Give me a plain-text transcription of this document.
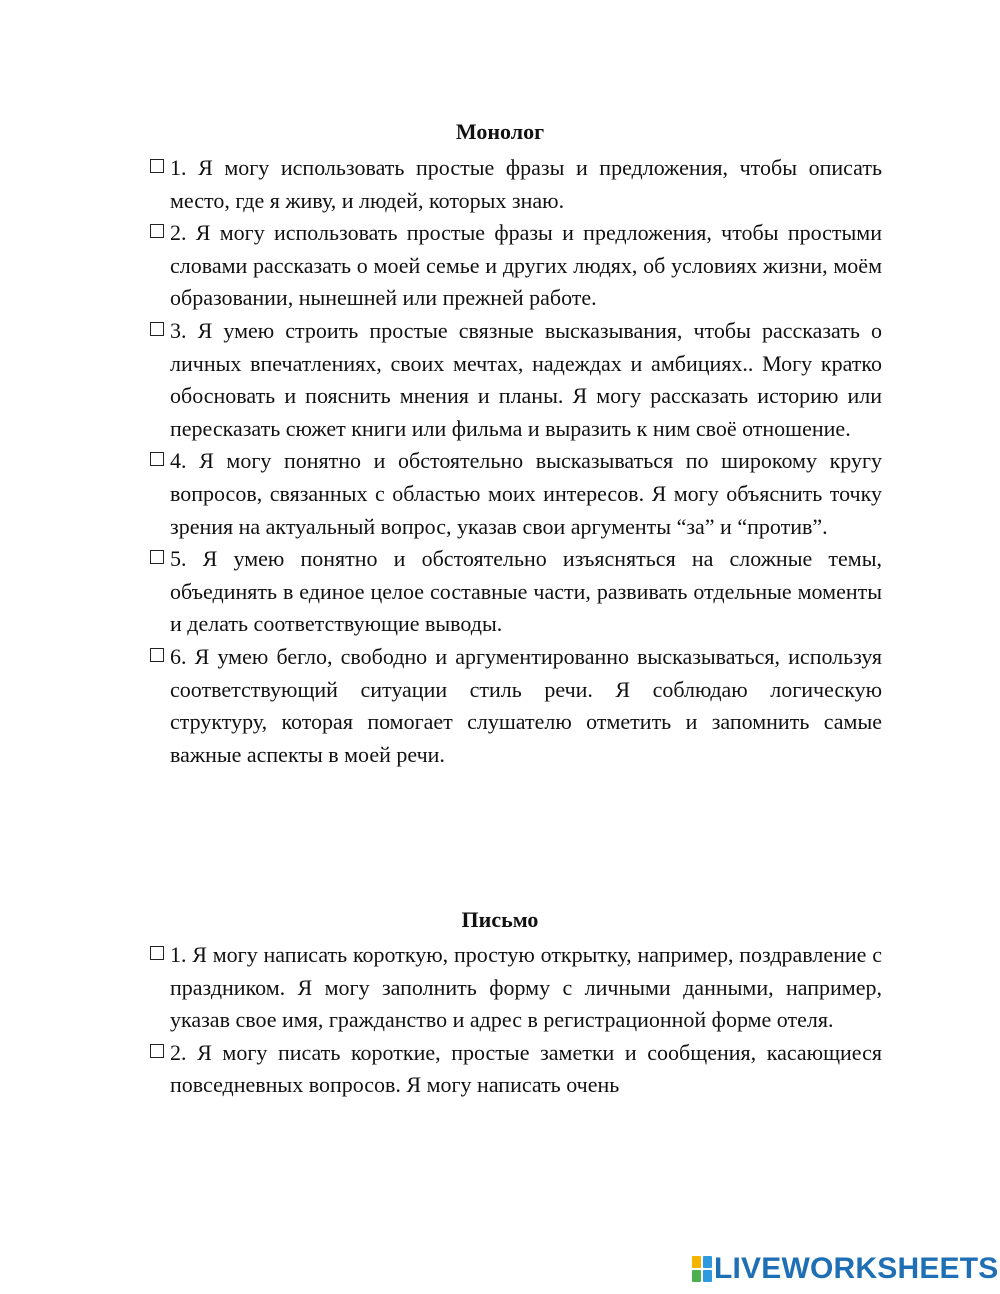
Монолог

1. Я могу использовать простые фразы и предложения, чтобы описать место, где я живу, и людей, которых знаю.

2. Я могу использовать простые фразы и предложения, чтобы простыми словами рассказать о моей семье и других людях, об условиях жизни, моём образовании, нынешней или прежней работе.

3. Я умею строить простые связные высказывания, чтобы рассказать о личных впечатлениях, своих мечтах, надеждах и амбициях.. Могу кратко обосновать и пояснить мнения и планы. Я могу рассказать историю или пересказать сюжет книги или фильма и выразить к ним своё отношение.

4. Я могу понятно и обстоятельно высказываться по широкому кругу вопросов, связанных с областью моих интересов. Я могу объяснить точку зрения на актуальный вопрос, указав свои аргументы “за” и “против”.

5. Я умею понятно и обстоятельно изъясняться на сложные темы, объединять в единое целое составные части, развивать отдельные моменты и делать соответствующие выводы.

6. Я умею бегло, свободно и аргументированно высказываться, используя соответствующий ситуации стиль речи. Я соблюдаю логическую структуру, которая помогает слушателю отметить и запомнить самые важные аспекты в моей речи.

Письмо

1. Я могу написать короткую, простую открытку, например, поздравление с праздником. Я могу заполнить форму с личными данными, например, указав свое имя, гражданство и адрес в регистрационной форме отеля.

2. Я могу писать короткие, простые заметки и сообщения, касающиеся повседневных вопросов. Я могу написать очень

LIVEWORKSHEETS
